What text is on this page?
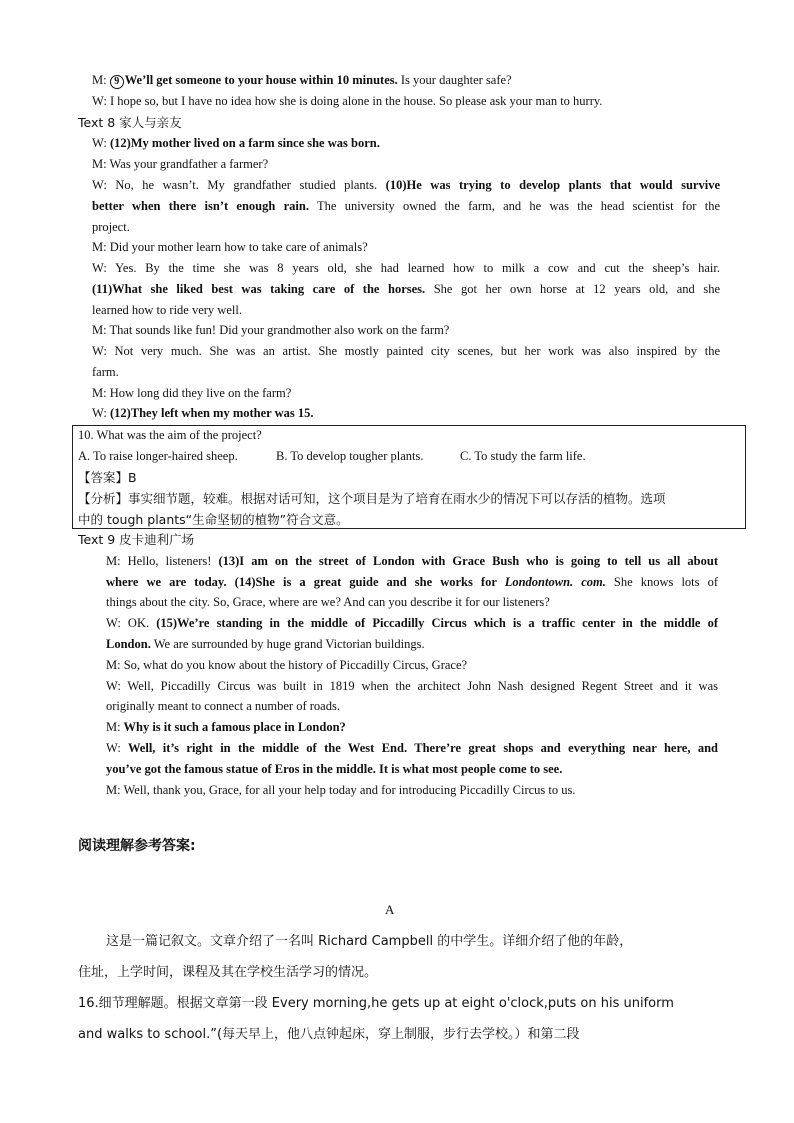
M: 9 We’ll get someone to your house within 10 minutes. Is your daughter safe?
W: I hope so, but I have no idea how she is doing alone in the house. So please ask your man to hurry.
Text 8 家人与亲友
W: (12)My mother lived on a farm since she was born.
M: Was your grandfather a farmer?
W: No, he wasn’t. My grandfather studied plants. (10)He was trying to develop plants that would survive
better when there isn’t enough rain. The university owned the farm, and he was the head scientist for the
project.
M: Did your mother learn how to take care of animals?
W: Yes. By the time she was 8 years old, she had learned how to milk a cow and cut the sheep’s hair.
(11)What she liked best was taking care of the horses. She got her own horse at 12 years old, and she
learned how to ride very well.
M: That sounds like fun! Did your grandmother also work on the farm?
W: Not very much. She was an artist. She mostly painted city scenes, but her work was also inspired by the
farm.
M: How long did they live on the farm?
W: (12)They left when my mother was 15.
10. What was the aim of the project?
A. To raise longer-haired sheep.	B. To develop tougher plants.	C. To study the farm life.
【答案】B
【分析】事实细节题，较难。根据对话可知，这个项目是为了培育在雨水少的情况下可以存活的植物。选项
中的 tough plants“生命坚韧的植物”符合文意。
Text 9 皮卡迪利广场
M: Hello, listeners! (13)I am on the street of London with Grace Bush who is going to tell us all about
where we are today. (14)She is a great guide and she works for Londontown. com. She knows lots of
things about the city. So, Grace, where are we? And can you describe it for our listeners?
W: OK. (15)We’re standing in the middle of Piccadilly Circus which is a traffic center in the middle of
London. We are surrounded by huge grand Victorian buildings.
M: So, what do you know about the history of Piccadilly Circus, Grace?
W: Well, Piccadilly Circus was built in 1819 when the architect John Nash designed Regent Street and it was
originally meant to connect a number of roads.
M: Why is it such a famous place in London?
W: Well, it’s right in the middle of the West End. There’re great shops and everything near here, and
you’ve got the famous statue of Eros in the middle. It is what most people come to see.
M: Well, thank you, Grace, for all your help today and for introducing Piccadilly Circus to us.
阅读理解参考答案:
A
这是一篇记叙文。文章介绍了一名叫 Richard Campbell 的中学生。详细介绍了他的年龄，
住址，上学时间，课程及其在学校生活学习的情况。
16.细节理解题。根据文章第一段 Every morning,he gets up at eight o'clock,puts on his uniform
and walks to school.”(每天早上，他八点钟起床，穿上制服，步行去学校。）和第二段
